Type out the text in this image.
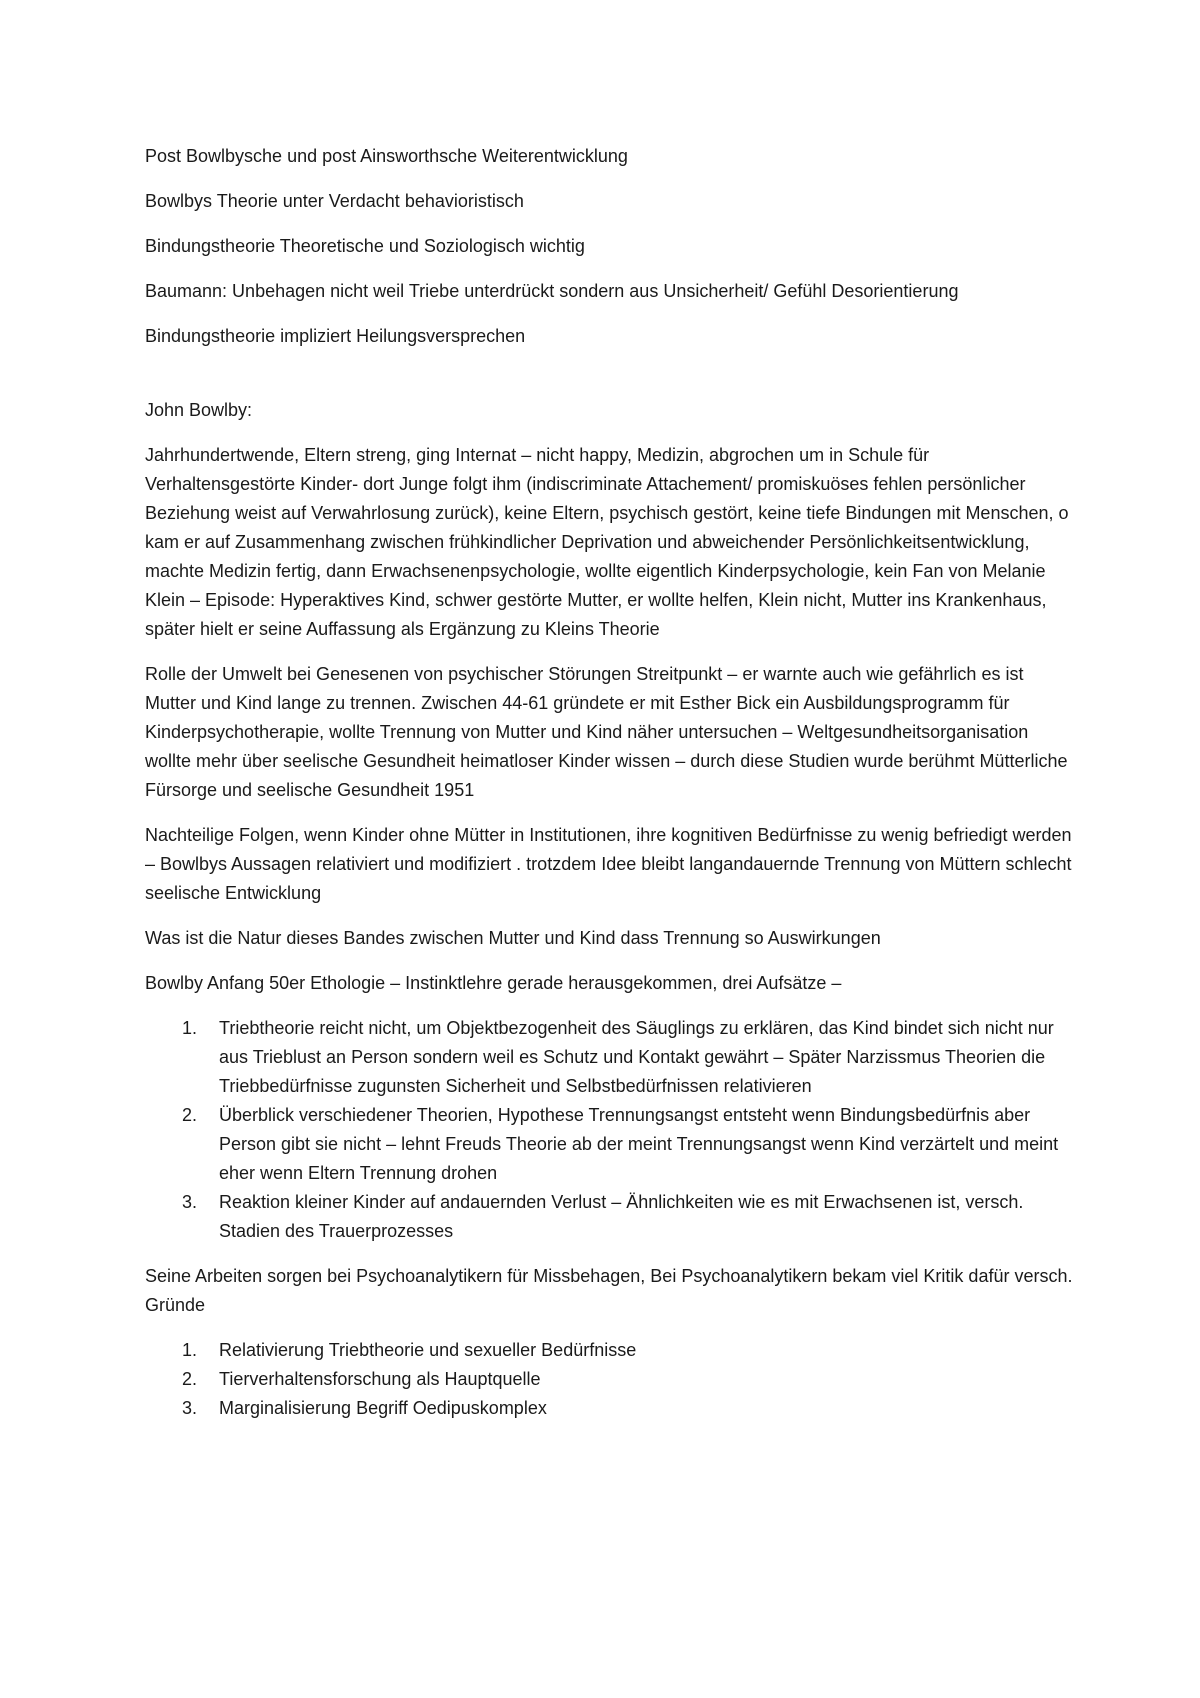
Post Bowlbysche und post Ainsworthsche Weiterentwicklung

Bowlbys Theorie unter Verdacht behavioristisch

Bindungstheorie Theoretische und Soziologisch wichtig

Baumann: Unbehagen nicht weil Triebe unterdrückt sondern aus Unsicherheit/ Gefühl Desorientierung

Bindungstheorie impliziert Heilungsversprechen

John Bowlby:

Jahrhundertwende, Eltern streng, ging Internat – nicht happy, Medizin, abgrochen um in Schule für Verhaltensgestörte Kinder- dort Junge folgt ihm (indiscriminate Attachement/ promiskuöses fehlen persönlicher Beziehung weist auf Verwahrlosung zurück), keine Eltern, psychisch gestört, keine tiefe Bindungen mit Menschen, o kam er auf Zusammenhang zwischen frühkindlicher Deprivation und abweichender Persönlichkeitsentwicklung, machte Medizin fertig, dann Erwachsenenpsychologie, wollte eigentlich Kinderpsychologie, kein Fan von Melanie Klein – Episode: Hyperaktives Kind, schwer gestörte Mutter, er wollte helfen, Klein nicht, Mutter ins Krankenhaus, später hielt er seine Auffassung als Ergänzung zu Kleins Theorie

Rolle der Umwelt bei Genesenen von psychischer Störungen Streitpunkt – er warnte auch wie gefährlich es ist Mutter und Kind lange zu trennen. Zwischen 44-61 gründete er mit Esther Bick ein Ausbildungsprogramm für Kinderpsychotherapie, wollte Trennung von Mutter und Kind näher untersuchen – Weltgesundheitsorganisation wollte mehr über seelische Gesundheit heimatloser Kinder wissen – durch diese Studien wurde berühmt Mütterliche Fürsorge und seelische Gesundheit 1951

Nachteilige Folgen, wenn Kinder ohne Mütter in Institutionen, ihre kognitiven Bedürfnisse zu wenig befriedigt werden – Bowlbys Aussagen relativiert und modifiziert . trotzdem Idee bleibt langandauernde Trennung von Müttern schlecht seelische Entwicklung

Was ist die Natur dieses Bandes zwischen Mutter und Kind dass Trennung so Auswirkungen

Bowlby Anfang 50er Ethologie – Instinktlehre gerade herausgekommen, drei Aufsätze –

1. Triebtheorie reicht nicht, um Objektbezogenheit des Säuglings zu erklären, das Kind bindet sich nicht nur aus Trieblust an Person sondern weil es Schutz und Kontakt gewährt – Später Narzissmus Theorien die Triebbedürfnisse zugunsten Sicherheit und Selbstbedürfnissen relativieren
2. Überblick verschiedener Theorien, Hypothese Trennungsangst entsteht wenn Bindungsbedürfnis aber Person gibt sie nicht – lehnt Freuds Theorie ab der meint Trennungsangst wenn Kind verzärtelt und meint eher wenn Eltern Trennung drohen
3. Reaktion kleiner Kinder auf andauernden Verlust – Ähnlichkeiten wie es mit Erwachsenen ist, versch. Stadien des Trauerprozesses

Seine Arbeiten sorgen bei Psychoanalytikern für Missbehagen, Bei Psychoanalytikern bekam viel Kritik dafür versch. Gründe

1. Relativierung Triebtheorie und sexueller Bedürfnisse
2. Tierverhaltensforschung als Hauptquelle
3. Marginalisierung Begriff Oedipuskomplex
